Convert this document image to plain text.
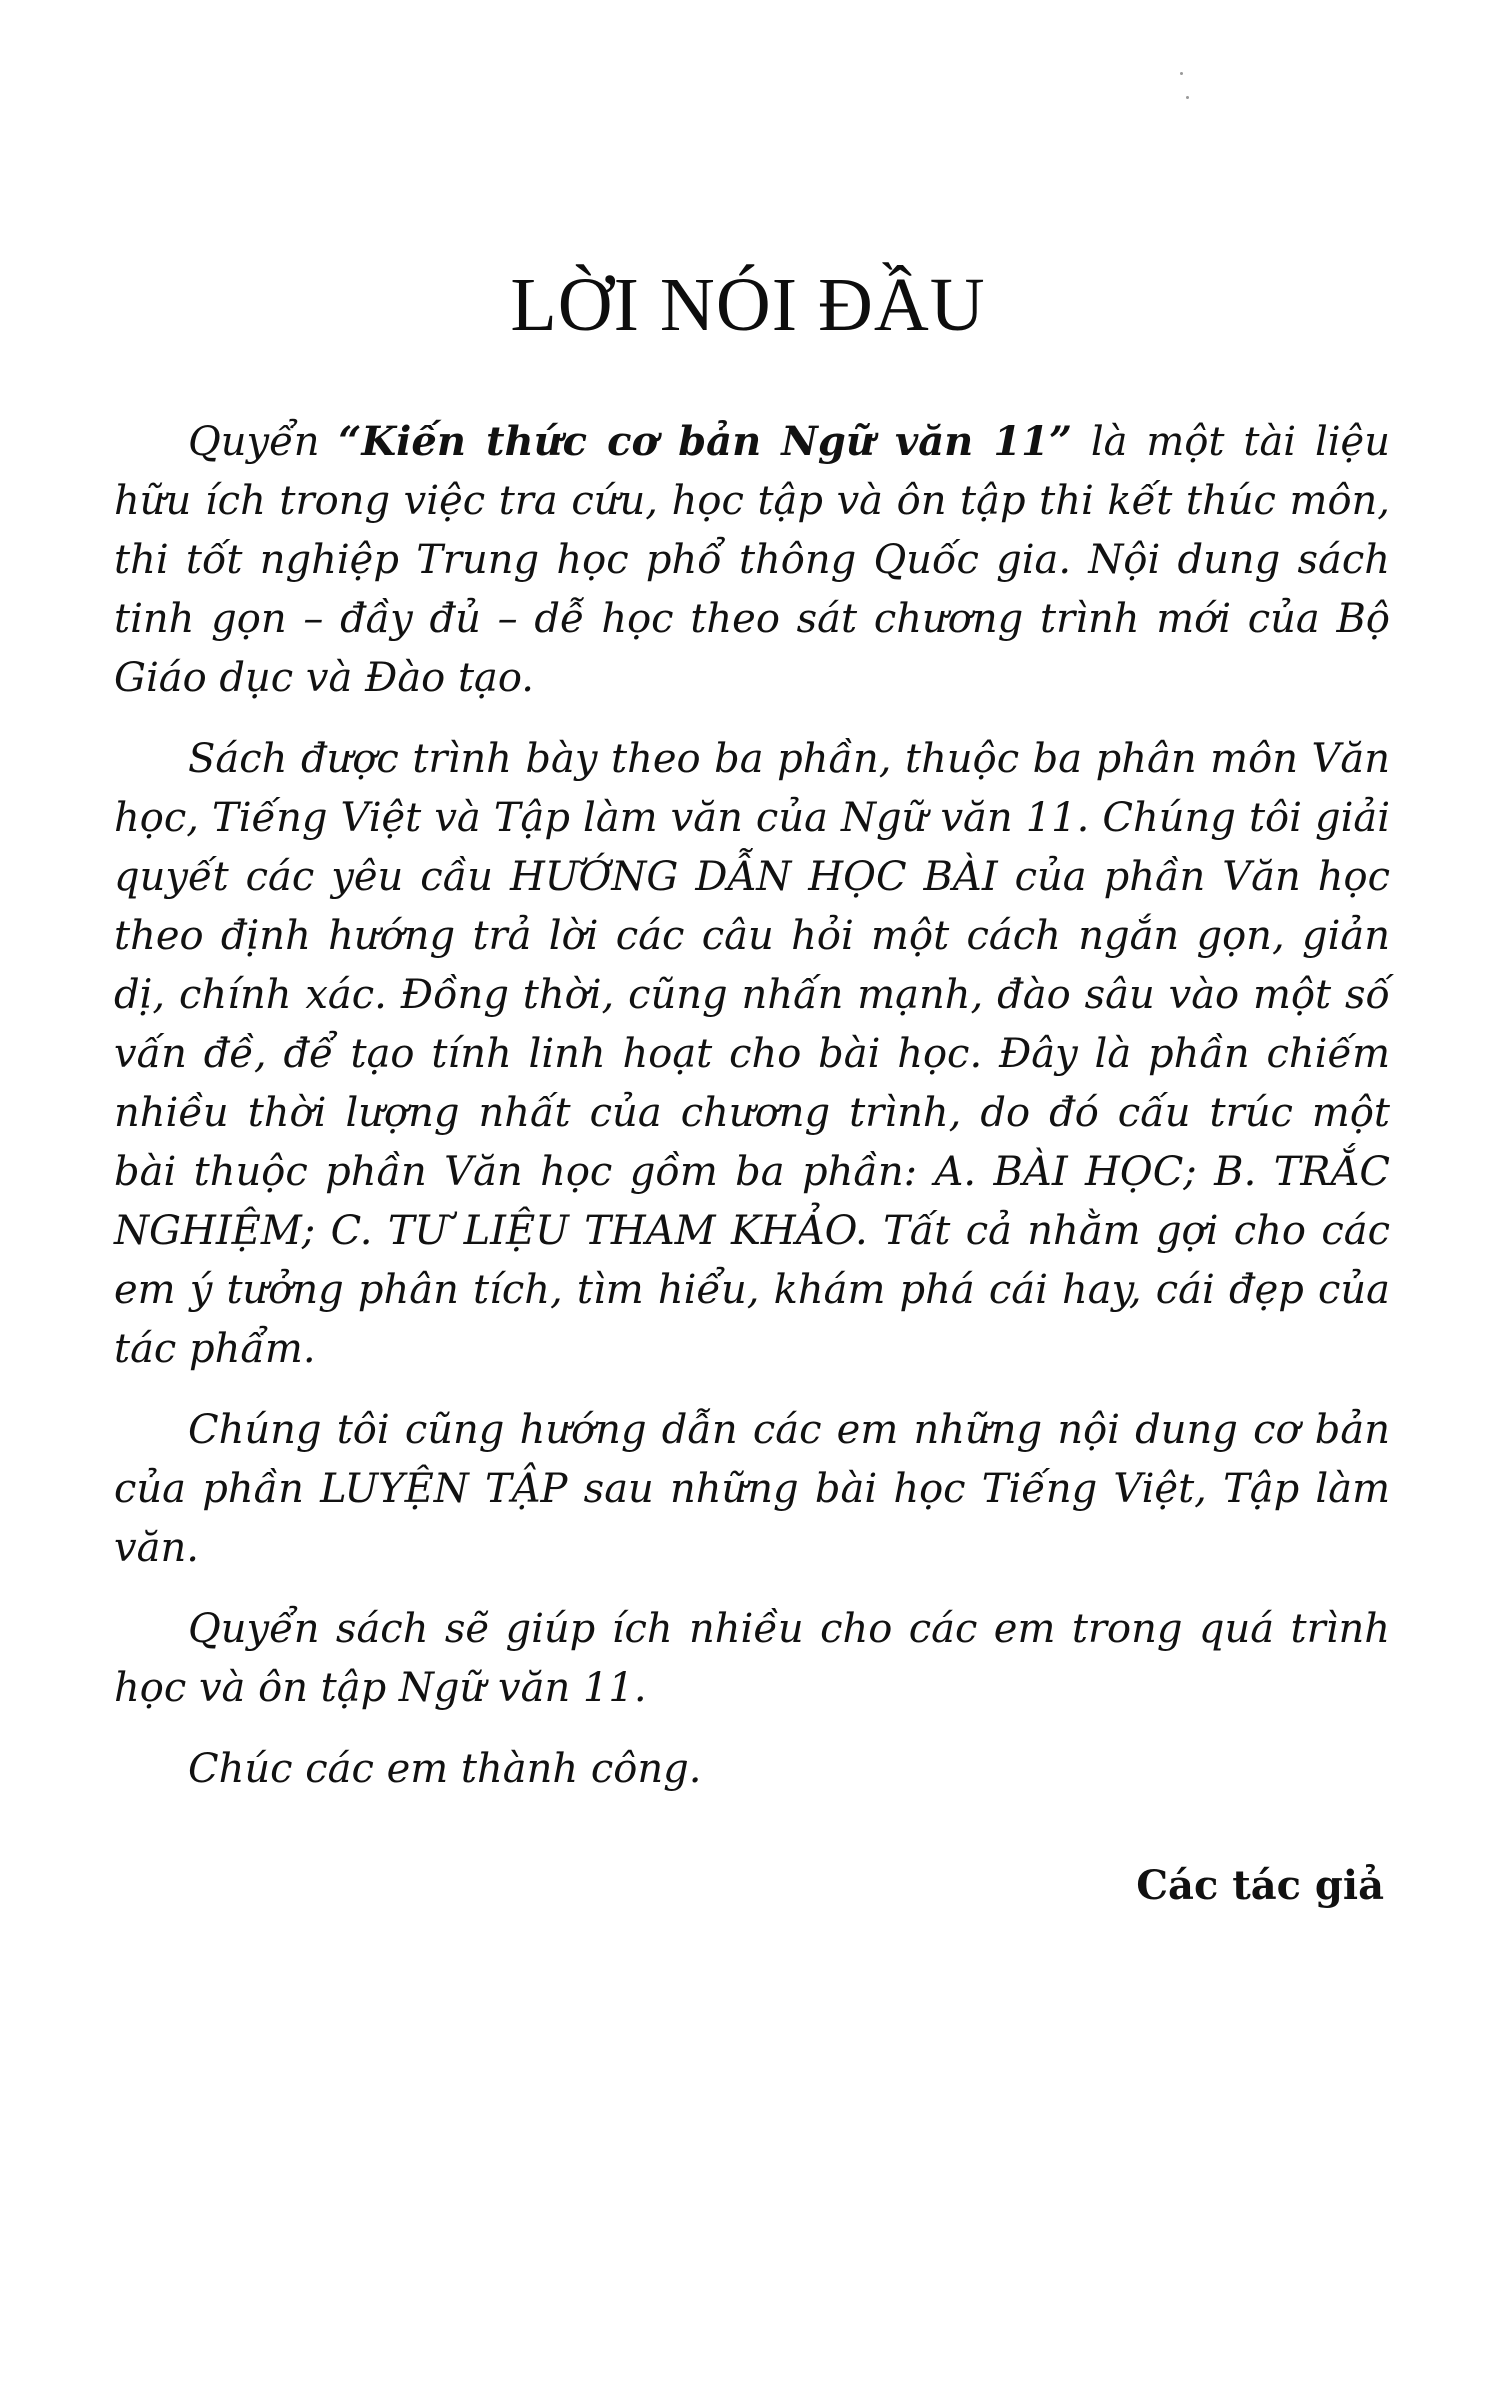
LỜI NÓI ĐẦU

Quyển “Kiến thức cơ bản Ngữ văn 11” là một tài liệu hữu ích trong việc tra cứu, học tập và ôn tập thi kết thúc môn, thi tốt nghiệp Trung học phổ thông Quốc gia. Nội dung sách tinh gọn – đầy đủ – dễ học theo sát chương trình mới của Bộ Giáo dục và Đào tạo.

Sách được trình bày theo ba phần, thuộc ba phân môn Văn học, Tiếng Việt và Tập làm văn của Ngữ văn 11. Chúng tôi giải quyết các yêu cầu HƯỚNG DẪN HỌC BÀI của phần Văn học theo định hướng trả lời các câu hỏi một cách ngắn gọn, giản dị, chính xác. Đồng thời, cũng nhấn mạnh, đào sâu vào một số vấn đề, để tạo tính linh hoạt cho bài học. Đây là phần chiếm nhiều thời lượng nhất của chương trình, do đó cấu trúc một bài thuộc phần Văn học gồm ba phần: A. BÀI HỌC; B. TRẮC NGHIỆM; C. TƯ LIỆU THAM KHẢO. Tất cả nhằm gợi cho các em ý tưởng phân tích, tìm hiểu, khám phá cái hay, cái đẹp của tác phẩm.

Chúng tôi cũng hướng dẫn các em những nội dung cơ bản của phần LUYỆN TẬP sau những bài học Tiếng Việt, Tập làm văn.

Quyển sách sẽ giúp ích nhiều cho các em trong quá trình học và ôn tập Ngữ văn 11.

Chúc các em thành công.

Các tác giả
